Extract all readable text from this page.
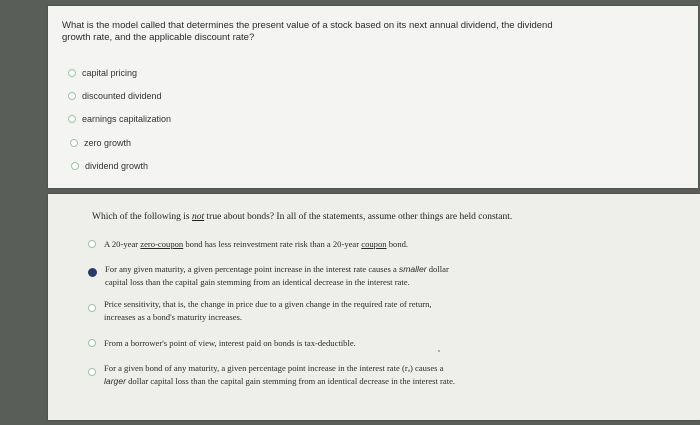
What is the model called that determines the present value of a stock based on its next annual dividend, the dividend growth rate, and the applicable discount rate?
capital pricing
discounted dividend
earnings capitalization
zero growth
dividend growth
Which of the following is not true about bonds? In all of the statements, assume other things are held constant.
A 20-year zero-coupon bond has less reinvestment rate risk than a 20-year coupon bond.
For any given maturity, a given percentage point increase in the interest rate causes a smaller dollar
capital loss than the capital gain stemming from an identical decrease in the interest rate.
Price sensitivity, that is, the change in price due to a given change in the required rate of return,
increases as a bond's maturity increases.
From a borrower's point of view, interest paid on bonds is tax-deductible.
For a given bond of any maturity, a given percentage point increase in the interest rate (rₐ) causes a
larger dollar capital loss than the capital gain stemming from an identical decrease in the interest rate.
